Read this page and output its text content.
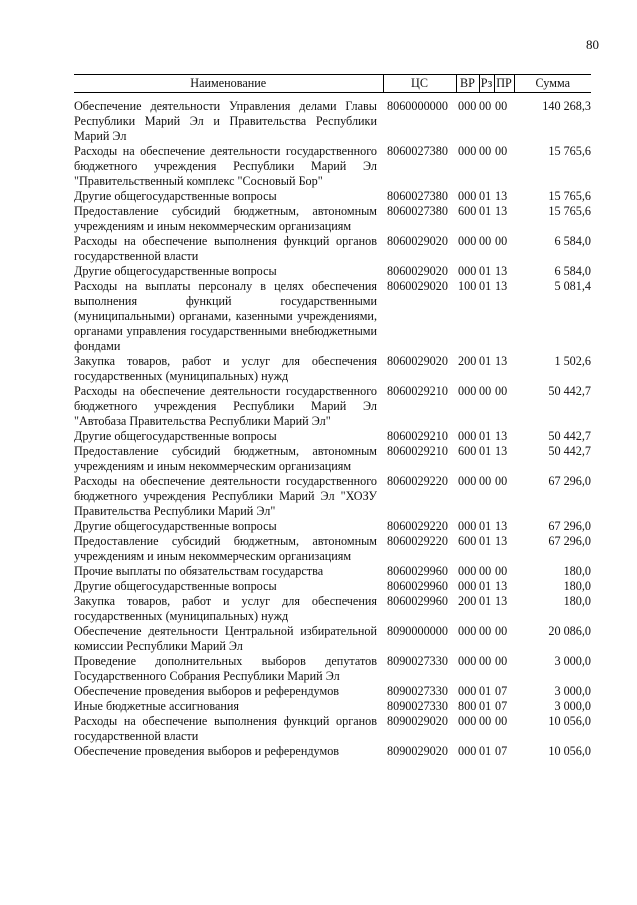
80
Наименование	ЦС	ВР	Рз	ПР	Сумма

Обеспечение деятельности Управления делами Главы Республики Марий Эл и Правительства Республики Марий Эл	8060000000	000	00	00	140 268,3
Расходы на обеспечение деятельности государственного бюджетного учреждения Республики Марий Эл "Правительственный комплекс "Сосновый Бор"	8060027380	000	00	00	15 765,6
Другие общегосударственные вопросы	8060027380	000	01	13	15 765,6
Предоставление субсидий бюджетным, автономным учреждениям и иным некоммерческим организациям	8060027380	600	01	13	15 765,6
Расходы на обеспечение выполнения функций органов государственной власти	8060029020	000	00	00	6 584,0
Другие общегосударственные вопросы	8060029020	000	01	13	6 584,0
Расходы на выплаты персоналу в целях обеспечения выполнения функций государственными (муниципальными) органами, казенными учреждениями, органами управления государственными внебюджетными фондами	8060029020	100	01	13	5 081,4
Закупка товаров, работ и услуг для обеспечения государственных (муниципальных) нужд	8060029020	200	01	13	1 502,6
Расходы на обеспечение деятельности государственного бюджетного учреждения Республики Марий Эл "Автобаза Правительства Республики Марий Эл"	8060029210	000	00	00	50 442,7
Другие общегосударственные вопросы	8060029210	000	01	13	50 442,7
Предоставление субсидий бюджетным, автономным учреждениям и иным некоммерческим организациям	8060029210	600	01	13	50 442,7
Расходы на обеспечение деятельности государственного бюджетного учреждения Республики Марий Эл "ХОЗУ Правительства Республики Марий Эл"	8060029220	000	00	00	67 296,0
Другие общегосударственные вопросы	8060029220	000	01	13	67 296,0
Предоставление субсидий бюджетным, автономным учреждениям и иным некоммерческим организациям	8060029220	600	01	13	67 296,0
Прочие выплаты по обязательствам государства	8060029960	000	00	00	180,0
Другие общегосударственные вопросы	8060029960	000	01	13	180,0
Закупка товаров, работ и услуг для обеспечения государственных (муниципальных) нужд	8060029960	200	01	13	180,0
Обеспечение деятельности Центральной избирательной комиссии Республики Марий Эл	8090000000	000	00	00	20 086,0
Проведение дополнительных выборов депутатов Государственного Собрания Республики Марий Эл	8090027330	000	00	00	3 000,0
Обеспечение проведения выборов и референдумов	8090027330	000	01	07	3 000,0
Иные бюджетные ассигнования	8090027330	800	01	07	3 000,0
Расходы на обеспечение выполнения функций органов государственной власти	8090029020	000	00	00	10 056,0
Обеспечение проведения выборов и референдумов	8090029020	000	01	07	10 056,0
